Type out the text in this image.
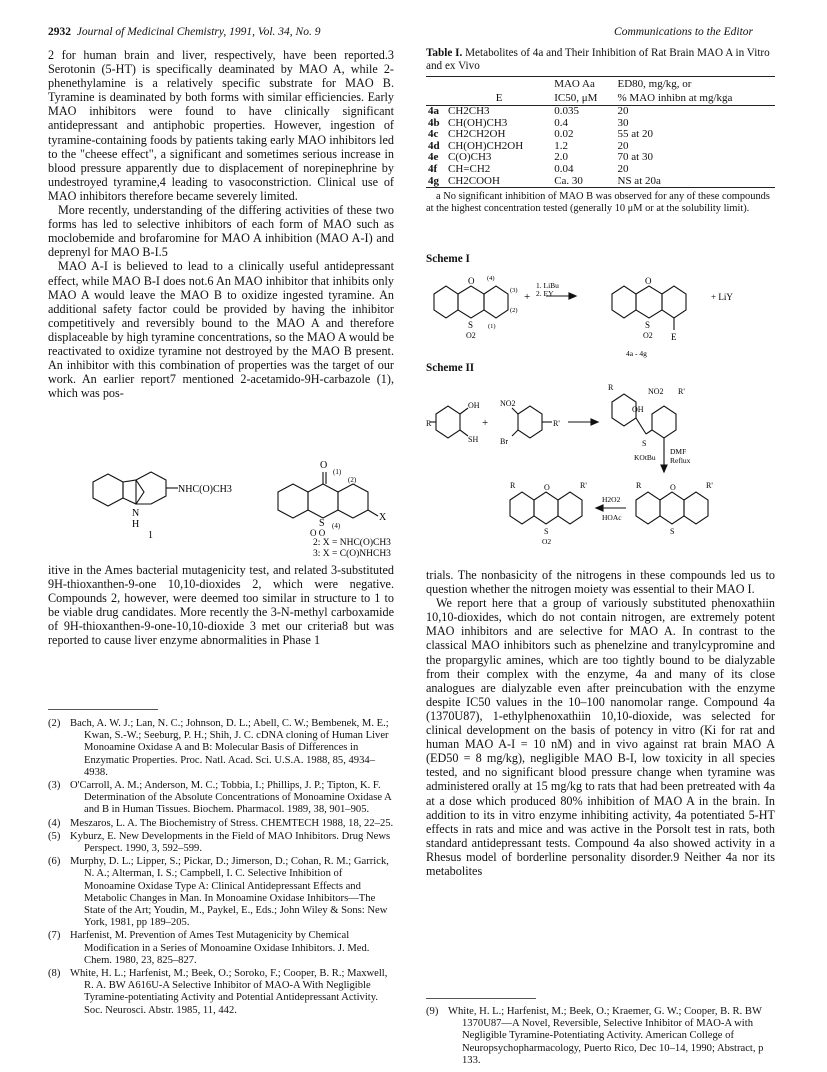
2932 Journal of Medicinal Chemistry, 1991, Vol. 34, No. 9	Communications to the Editor

2 for human brain and liver, respectively, have been reported.3 Serotonin (5-HT) is specifically deaminated by MAO A, while 2-phenethylamine is a relatively specific substrate for MAO B. Tyramine is deaminated by both forms with similar efficiencies. Early MAO inhibitors were found to have clinically significant antidepressant and antiphobic properties. However, ingestion of tyramine-containing foods by patients taking early MAO inhibitors led to the "cheese effect", a significant and sometimes serious increase in blood pressure apparently due to displacement of norepinephrine by undestroyed tyramine,4 leading to vasoconstriction. Clinical use of MAO inhibitors therefore became severely limited.

More recently, understanding of the differing activities of these two forms has led to selective inhibitors of each form of MAO such as moclobemide and brofaromine for MAO A inhibition (MAO A-I) and deprenyl for MAO B-I.5

MAO A-I is believed to lead to a clinically useful antidepressant effect, while MAO B-I does not.6 An MAO inhibitor that inhibits only MAO A would leave the MAO B to oxidize ingested tyramine. An additional safety factor could be provided by having the inhibitor competitively and reversibly bound to the MAO A and therefore displaceable by high tyramine concentrations, so the MAO A would be reactivated to oxidize tyramine not destroyed by the MAO B present. An inhibitor with this combination of properties was the target of our work. An earlier report7 mentioned 2-acetamido-9H-carbazole (1), which was pos-

NHC(O)CH3
N
H
1
O
(1)
(2)
(4)
S
O O
X
2: X = NHC(O)CH3
3: X = C(O)NHCH3

itive in the Ames bacterial mutagenicity test, and related 3-substituted 9H-thioxanthen-9-one 10,10-dioxides 2, which were negative. Compounds 2, however, were deemed too similar in structure to 1 to be viable drug candidates. More recently the 3-N-methyl carboxamide of 9H-thioxanthen-9-one-10,10-dioxide 3 met our criteria8 but was reported to cause liver enzyme abnormalities in Phase 1

(2) Bach, A. W. J.; Lan, N. C.; Johnson, D. L.; Abell, C. W.; Bembenek, M. E.; Kwan, S.-W.; Seeburg, P. H.; Shih, J. C. cDNA cloning of Human Liver Monoamine Oxidase A and B: Molecular Basis of Differences in Enzymatic Properties. Proc. Natl. Acad. Sci. U.S.A. 1988, 85, 4934–4938.
(3) O'Carroll, A. M.; Anderson, M. C.; Tobbia, I.; Phillips, J. P.; Tipton, K. F. Determination of the Absolute Concentrations of Monoamine Oxidase A and B in Human Tissues. Biochem. Pharmacol. 1989, 38, 901–905.
(4) Meszaros, L. A. The Biochemistry of Stress. CHEMTECH 1988, 18, 22–25.
(5) Kyburz, E. New Developments in the Field of MAO Inhibitors. Drug News Perspect. 1990, 3, 592–599.
(6) Murphy, D. L.; Lipper, S.; Pickar, D.; Jimerson, D.; Cohan, R. M.; Garrick, N. A.; Alterman, I. S.; Campbell, I. C. Selective Inhibition of Monoamine Oxidase Type A: Clinical Antidepressant Effects and Metabolic Changes in Man. In Monoamine Oxidase Inhibitors—The State of the Art; Youdin, M., Paykel, E., Eds.; John Wiley & Sons: New York, 1981, pp 189–205.
(7) Harfenist, M. Prevention of Ames Test Mutagenicity by Chemical Modification in a Series of Monoamine Oxidase Inhibitors. J. Med. Chem. 1980, 23, 825–827.
(8) White, H. L.; Harfenist, M.; Beek, O.; Soroko, F.; Cooper, B. R.; Maxwell, R. A. BW A616U-A Selective Inhibitor of MAO-A With Negligible Tyramine-potentiating Activity and Potential Antidepressant Activity. Soc. Neurosci. Abstr. 1985, 11, 442.
Table I. Metabolites of 4a and Their Inhibition of Rat Brain MAO A in Vitro and ex Vivo
		MAO Aa	ED80, mg/kg, or
	E	IC50, μM	% MAO inhibn at mg/kga
4a	CH2CH3	0.035	20
4b	CH(OH)CH3	0.4	30
4c	CH2CH2OH	0.02	55 at 20
4d	CH(OH)CH2OH	1.2	20
4e	C(O)CH3	2.0	70 at 30
4f	CH=CH2	0.04	20
4g	CH2COOH	Ca. 30	NS at 20a
a No significant inhibition of MAO B was observed for any of these compounds at the highest concentration tested (generally 10 μM or at the solubility limit).
Scheme I
(4)
(3)
(2)
(1)
O
S
O2
+
1. LiBu
2. EY
O
S
O2 E
+ LiY
4a - 4g
Scheme II
R
OH
SH
+
NO2
Br
R'
R	NO2 R'
OH
S
KOtBu
DMF
Reflux
R	R'
O
S
H2O2
HOAc
R	R'
O
S
O2

trials. The nonbasicity of the nitrogens in these compounds led us to question whether the nitrogen moiety was essential to their MAO I.

We report here that a group of variously substituted phenoxathiin 10,10-dioxides, which do not contain nitrogen, are extremely potent MAO inhibitors and are selective for MAO A. In contrast to the classical MAO inhibitors such as phenelzine and tranylcypromine and the propargylic amines, which are too tightly bound to be dialyzable from their complex with the enzyme, 4a and many of its close analogues are dialyzable even after preincubation with the enzyme despite IC50 values in the 10–100 nanomolar range. Compound 4a (1370U87), 1-ethylphenoxathiin 10,10-dioxide, was selected for clinical development on the basis of potency in vitro (Ki for rat and human MAO A-I = 10 nM) and in vivo against rat brain MAO A (ED50 = 8 mg/kg), negligible MAO B-I, low toxicity in all species tested, and no significant blood pressure change when tyramine was administered orally at 15 mg/kg to rats that had been pretreated with 4a at a dose which produced 80% inhibition of MAO A in the brain. In addition to its in vitro enzyme inhibiting activity, 4a potentiated 5-HT effects in rats and mice and was active in the Porsolt test in rats, both standard antidepressant tests. Compound 4a also showed activity in a Rhesus model of borderline personality disorder.9 Neither 4a nor its metabolites

(9) White, H. L.; Harfenist, M.; Beek, O.; Kraemer, G. W.; Cooper, B. R. BW 1370U87—A Novel, Reversible, Selective Inhibitor of MAO-A with Negligible Tyramine-Potentiating Activity. American College of Neuropsychopharmacology, Puerto Rico, Dec 10–14, 1990; Abstract, p 133.
